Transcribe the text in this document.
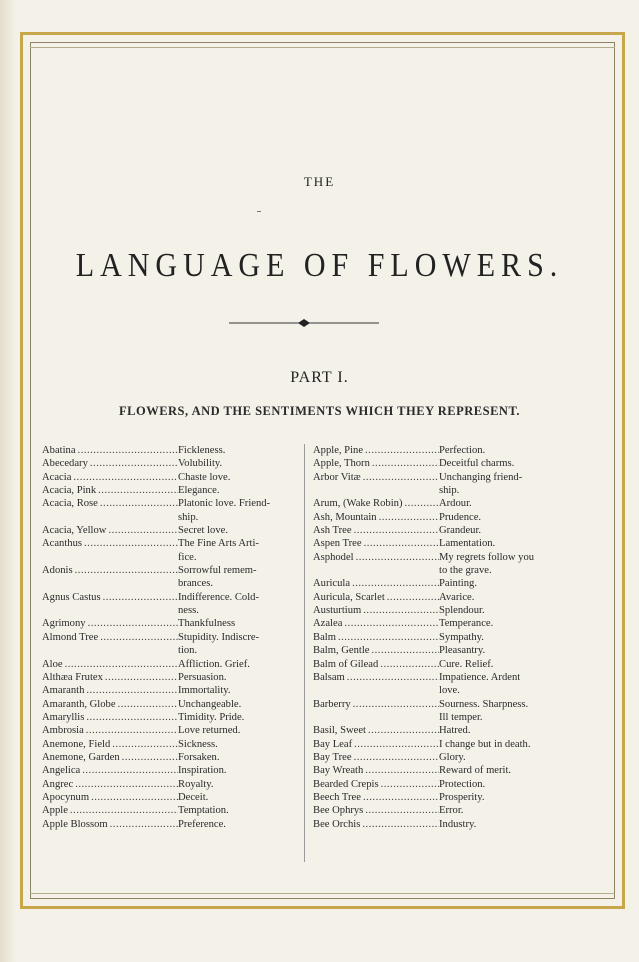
THE
LANGUAGE OF FLOWERS.
PART I.
FLOWERS, AND THE SENTIMENTS WHICH THEY REPRESENT.
Abatina .....	Fickleness.
Abecedary .....	Volubility.
Acacia .....	Chaste love.
Acacia, Pink .....	Elegance.
Acacia, Rose .....	Platonic love. Friend-
ship.
Acacia, Yellow .....	Secret love.
Acanthus .....	The Fine Arts Arti-
fice.
Adonis .....	Sorrowful remem-
brances.
Agnus Castus .....	Indifference. Cold-
ness.
Agrimony .....	Thankfulness
Almond Tree .....	Stupidity. Indiscre-
tion.
Aloe .....	Affliction. Grief.
Althæa Frutex .....	Persuasion.
Amaranth .....	Immortality.
Amaranth, Globe .....	Unchangeable.
Amaryllis .....	Timidity. Pride.
Ambrosia .....	Love returned.
Anemone, Field .....	Sickness.
Anemone, Garden .....	Forsaken.
Angelica .....	Inspiration.
Angrec .....	Royalty.
Apocynum .....	Deceit.
Apple .....	Temptation.
Apple Blossom .....	Preference.
Apple, Pine .....	Perfection.
Apple, Thorn .....	Deceitful charms.
Arbor Vitæ .....	Unchanging friend-
ship.
Arum, (Wake Robin) .....	Ardour.
Ash, Mountain .....	Prudence.
Ash Tree .....	Grandeur.
Aspen Tree .....	Lamentation.
Asphodel .....	My regrets follow you
to the grave.
Auricula .....	Painting.
Auricula, Scarlet .....	Avarice.
Austurtium .....	Splendour.
Azalea .....	Temperance.
Balm .....	Sympathy.
Balm, Gentle .....	Pleasantry.
Balm of Gilead .....	Cure. Relief.
Balsam .....	Impatience. Ardent
love.
Barberry .....	Sourness. Sharpness.
Ill temper.
Basil, Sweet .....	Hatred.
Bay Leaf .....	I change but in death.
Bay Tree .....	Glory.
Bay Wreath .....	Reward of merit.
Bearded Crepis .....	Protection.
Beech Tree .....	Prosperity.
Bee Ophrys .....	Error.
Bee Orchis .....	Industry.
